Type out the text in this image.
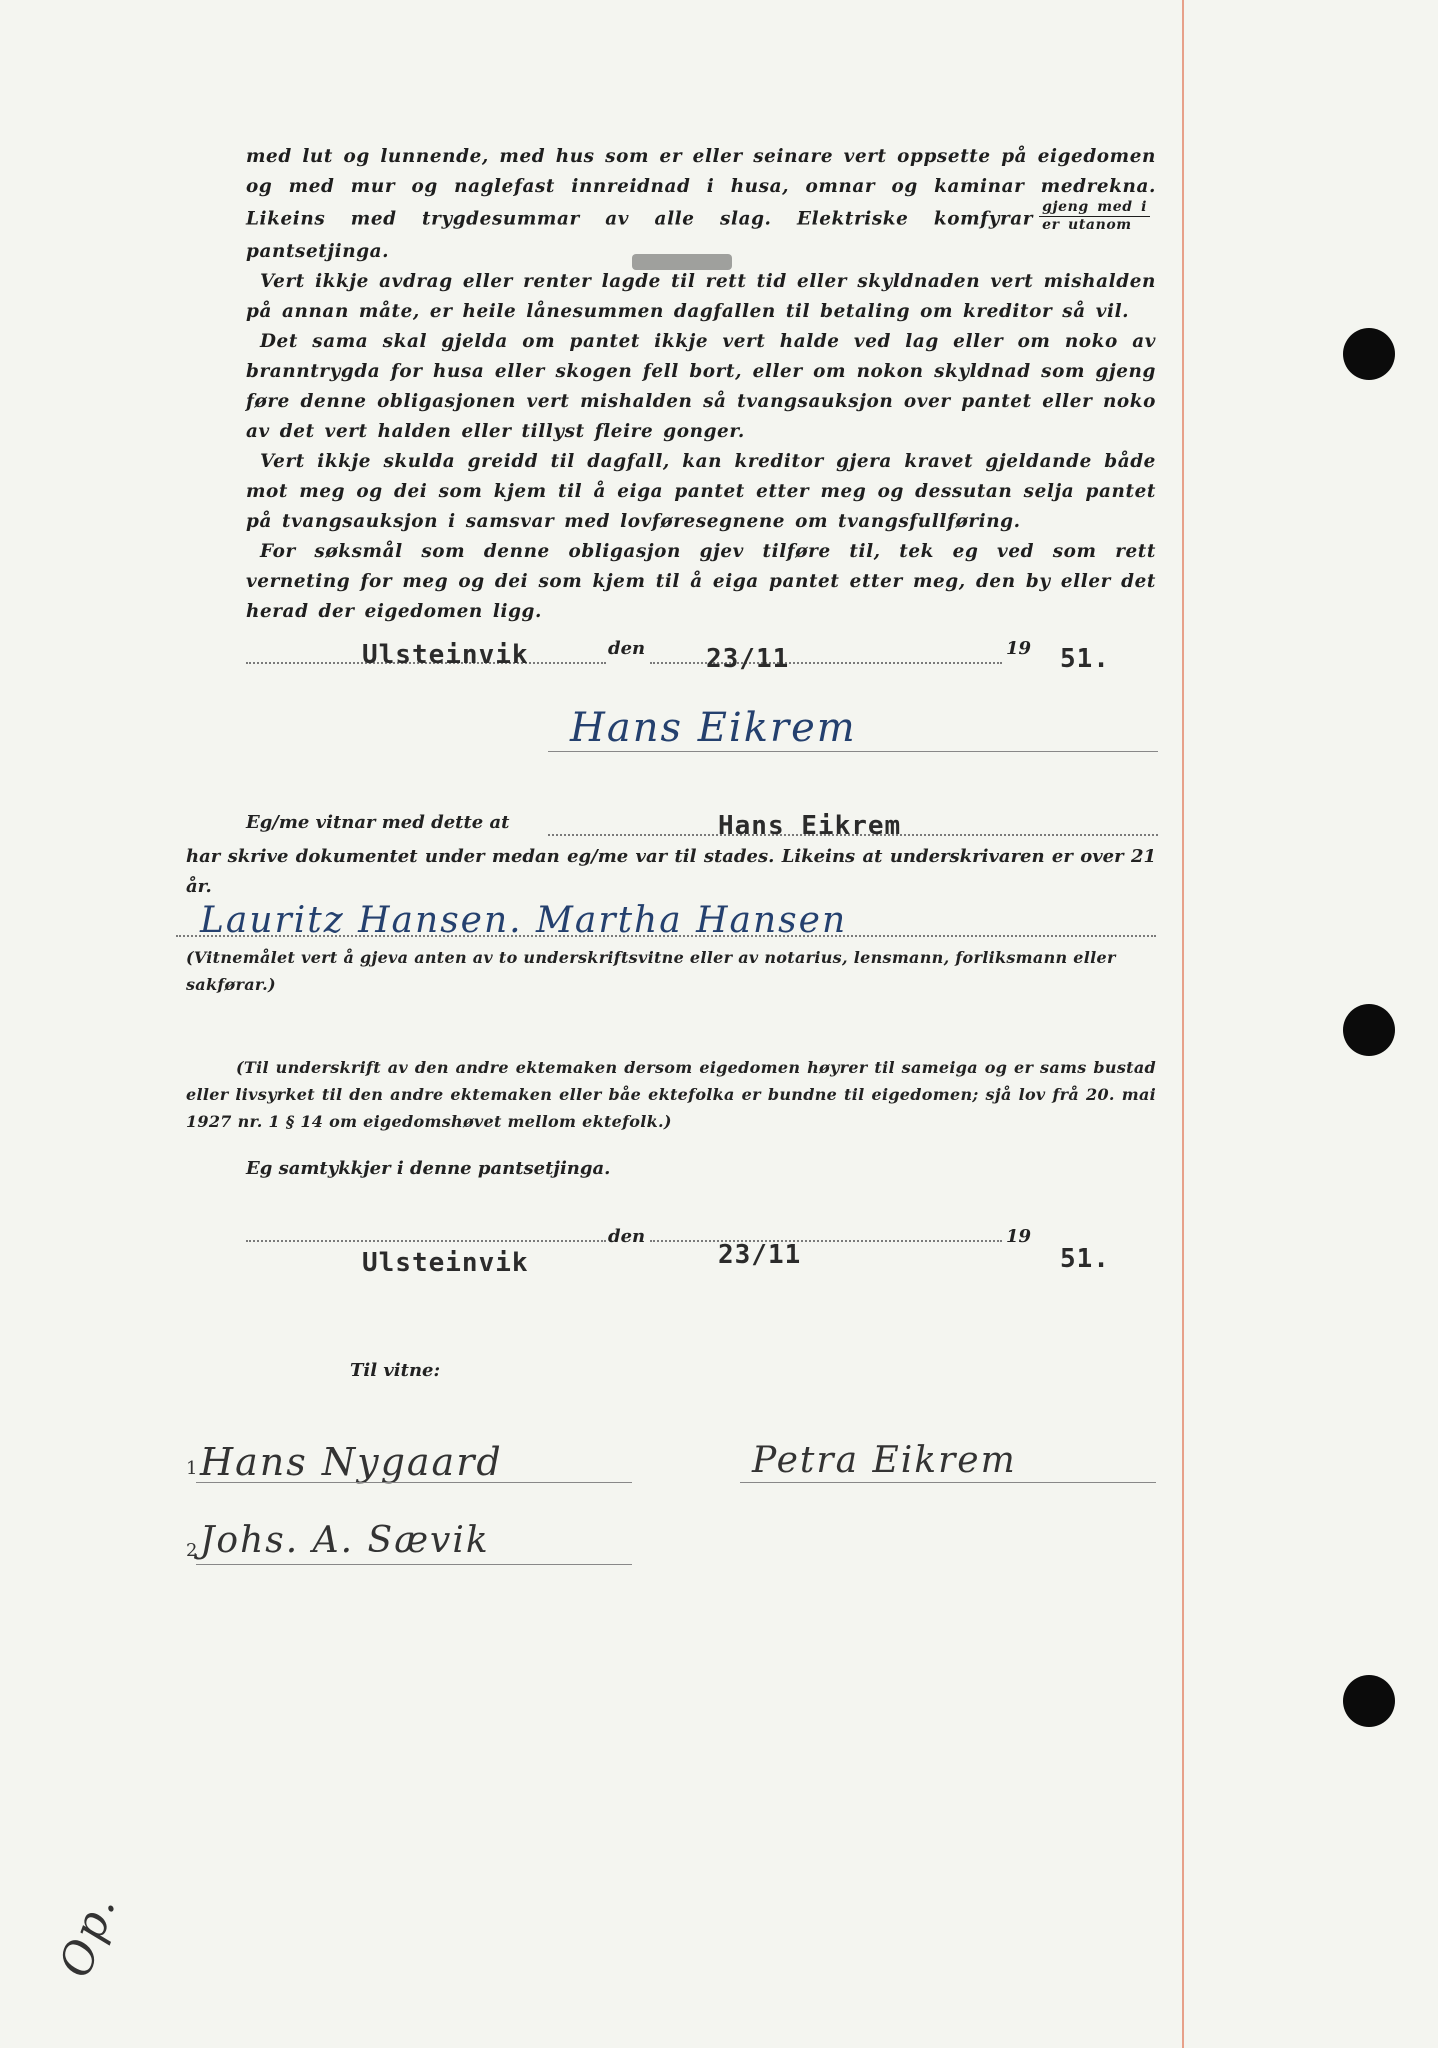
med lut og lunnende, med hus som er eller seinare vert oppsette på eigedomen og med mur og naglefast innreidnad i husa, omnar og kaminar medrekna. Likeins med trygdesummar av alle slag. Elektriske komfyrar $\frac{\text{gjeng med i}}{\text{er utanom}}$
pantsetjinga.

Vert ikkje avdrag eller renter lagde til rett tid eller skyldnaden vert mishalden på annan måte, er heile lånesummen dagfallen til betaling om kreditor så vil.

Det sama skal gjelda om pantet ikkje vert halde ved lag eller om noko av branntrygda for husa eller skogen fell bort, eller om nokon skyldnad som gjeng føre denne obligasjonen vert mishalden så tvangsauksjon over pantet eller noko av det vert halden eller tillyst fleire gonger.

Vert ikkje skulda greidd til dagfall, kan kreditor gjera kravet gjeldande både mot meg og dei som kjem til å eiga pantet etter meg og dessutan selja pantet på tvangsauksjon i samsvar med lovføresegnene om tvangsfullføring.

For søksmål som denne obligasjon gjev tilføre til, tek eg ved som rett verneting for meg og dei som kjem til å eiga pantet etter meg, den by eller det herad der eigedomen ligg.

Ulsteinvik	den 23/11	19 51.
Hans Eikrem
Eg/me vitnar med dette at	Hans Eikrem
har skrive dokumentet under medan eg/me var til stades. Likeins at underskrivaren er over 21 år.
Lauritz Hansen. Martha Hansen
(Vitnemålet vert å gjeva anten av to underskriftsvitne eller av notarius, lensmann, forliksmann eller sakførar.)
(Til underskrift av den andre ektemaken dersom eigedomen høyrer til sameiga og er sams bustad eller livsyrket til den andre ektemaken eller båe ektefolka er bundne til eigedomen; sjå lov frå 20. mai 1927 nr. 1 § 14 om eigedomshøvet mellom ektefolk.)
Eg samtykkjer i denne pantsetjinga.
Ulsteinvik
den
23/11
19
51.
Til vitne:
1 Hans Nygaard	Petra Eikrem
2 Johs. A. Sævik
Op.
